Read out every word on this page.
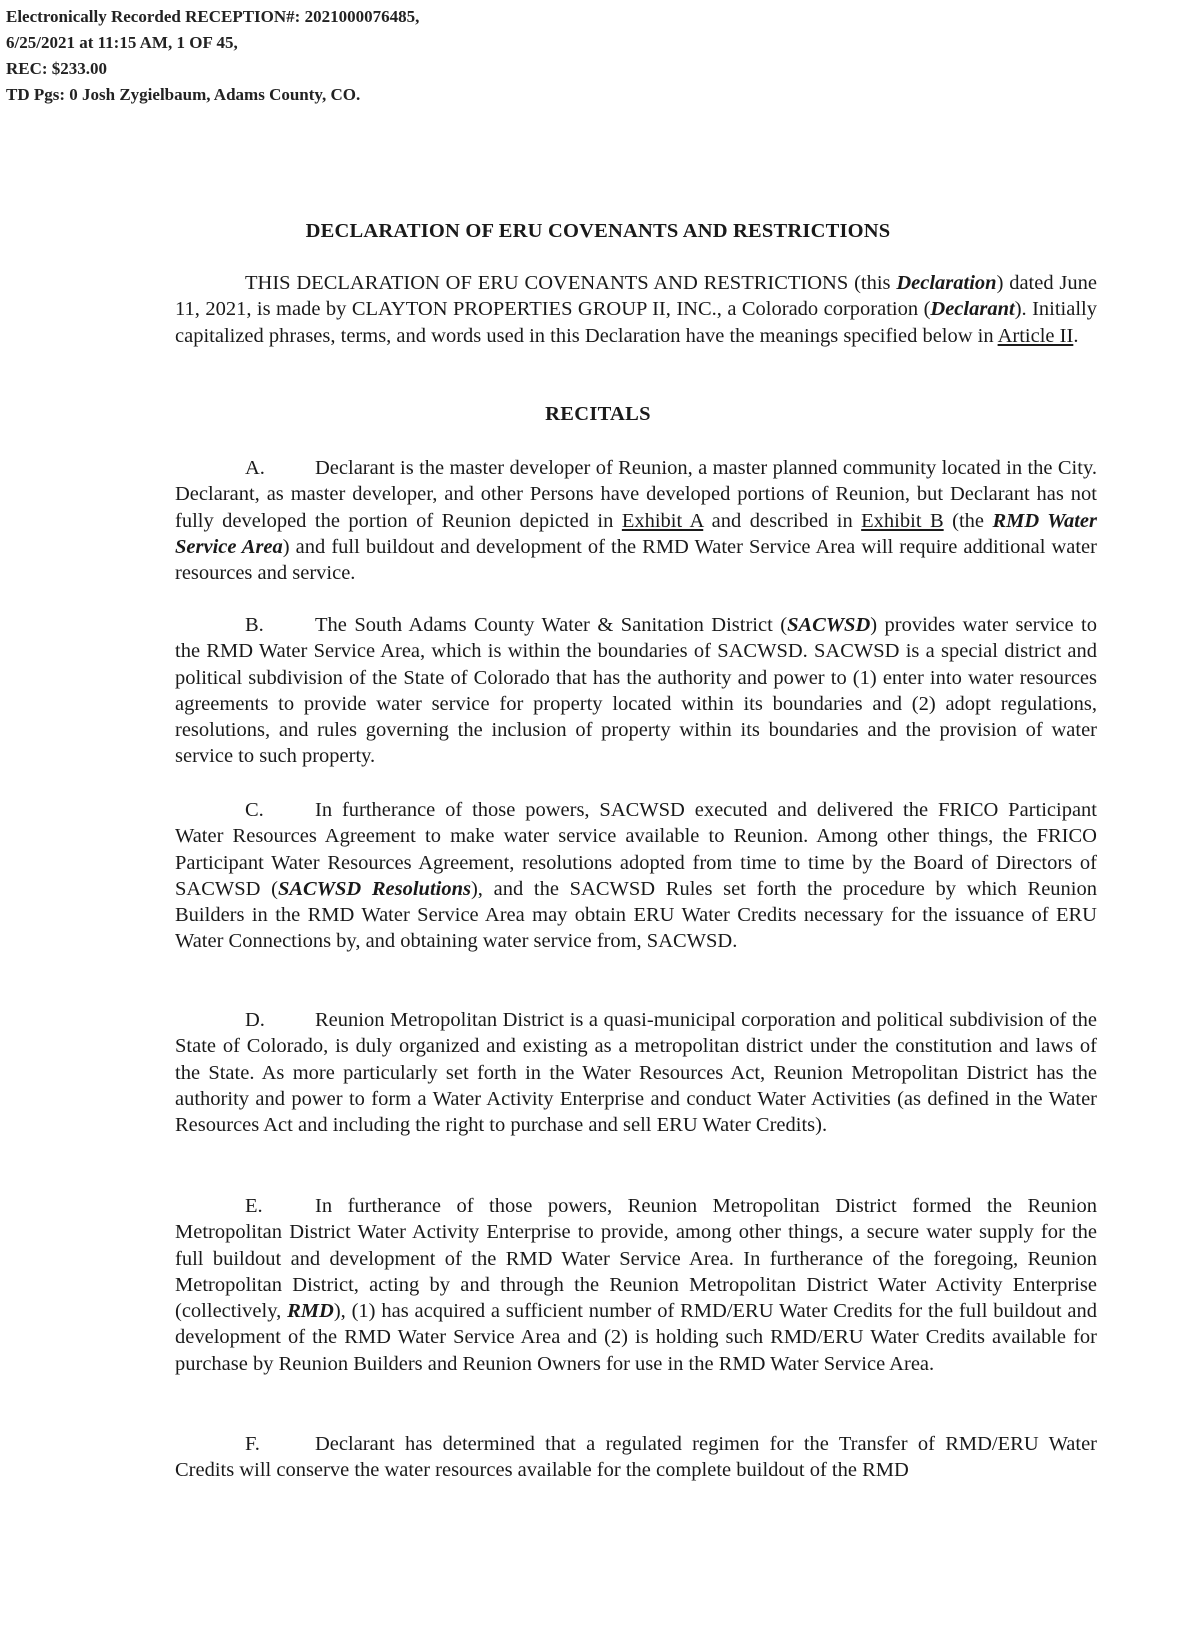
Electronically Recorded RECEPTION#: 2021000076485,
6/25/2021 at 11:15 AM, 1 OF 45,
REC: $233.00
TD Pgs: 0 Josh Zygielbaum, Adams County, CO.
DECLARATION OF ERU COVENANTS AND RESTRICTIONS

THIS DECLARATION OF ERU COVENANTS AND RESTRICTIONS (this Declaration) dated June 11, 2021, is made by CLAYTON PROPERTIES GROUP II, INC., a Colorado corporation (Declarant). Initially capitalized phrases, terms, and words used in this Declaration have the meanings specified below in Article II.

RECITALS

A. Declarant is the master developer of Reunion, a master planned community located in the City. Declarant, as master developer, and other Persons have developed portions of Reunion, but Declarant has not fully developed the portion of Reunion depicted in Exhibit A and described in Exhibit B (the RMD Water Service Area) and full buildout and development of the RMD Water Service Area will require additional water resources and service.

B. The South Adams County Water & Sanitation District (SACWSD) provides water service to the RMD Water Service Area, which is within the boundaries of SACWSD. SACWSD is a special district and political subdivision of the State of Colorado that has the authority and power to (1) enter into water resources agreements to provide water service for property located within its boundaries and (2) adopt regulations, resolutions, and rules governing the inclusion of property within its boundaries and the provision of water service to such property.

C. In furtherance of those powers, SACWSD executed and delivered the FRICO Participant Water Resources Agreement to make water service available to Reunion. Among other things, the FRICO Participant Water Resources Agreement, resolutions adopted from time to time by the Board of Directors of SACWSD (SACWSD Resolutions), and the SACWSD Rules set forth the procedure by which Reunion Builders in the RMD Water Service Area may obtain ERU Water Credits necessary for the issuance of ERU Water Connections by, and obtaining water service from, SACWSD.

D. Reunion Metropolitan District is a quasi-municipal corporation and political subdivision of the State of Colorado, is duly organized and existing as a metropolitan district under the constitution and laws of the State. As more particularly set forth in the Water Resources Act, Reunion Metropolitan District has the authority and power to form a Water Activity Enterprise and conduct Water Activities (as defined in the Water Resources Act and including the right to purchase and sell ERU Water Credits).

E.	In furtherance of those powers, Reunion Metropolitan District formed the Reunion Metropolitan District Water Activity Enterprise to provide, among other things, a secure water supply for the full buildout and development of the RMD Water Service Area. In furtherance of the foregoing, Reunion Metropolitan District, acting by and through the Reunion Metropolitan District Water Activity Enterprise (collectively, RMD), (1) has acquired a sufficient number of RMD/ERU Water Credits for the full buildout and development of the RMD Water Service Area and (2) is holding such RMD/ERU Water Credits available for purchase by Reunion Builders and Reunion Owners for use in the RMD Water Service Area.

F.	Declarant has determined that a regulated regimen for the Transfer of RMD/ERU Water Credits will conserve the water resources available for the complete buildout of the RMD
